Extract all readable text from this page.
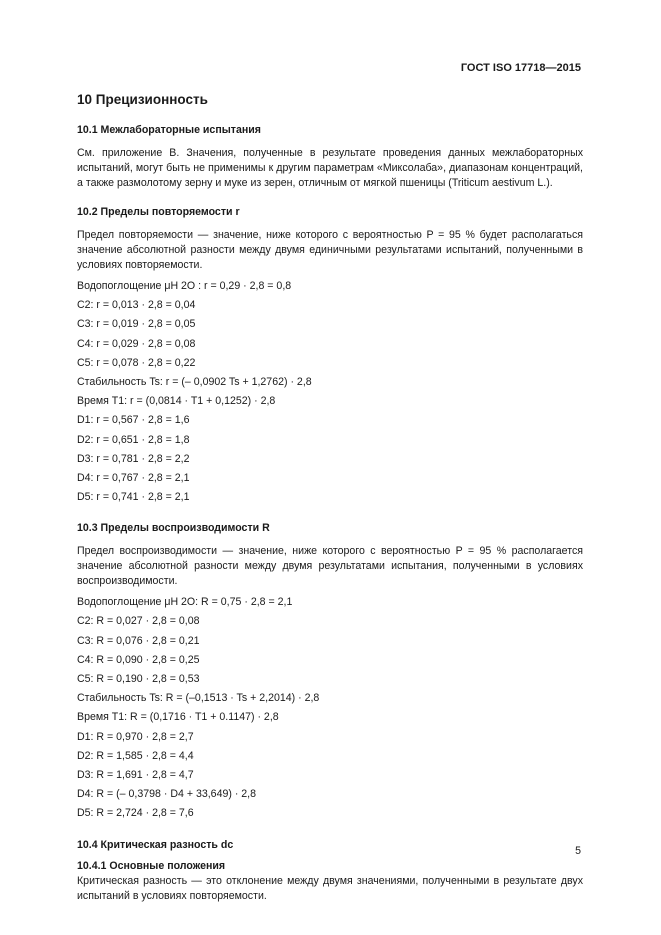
ГОСТ ISO 17718—2015
10 Прецизионность
10.1 Межлабораторные испытания

См. приложение В. Значения, полученные в результате проведения данных межлабораторных испытаний, могут быть не применимы к другим параметрам «Миксолаба», диапазонам концентраций, а также размолотому зерну и муке из зерен, отличным от мягкой пшеницы (Triticum aestivum L.).

10.2 Пределы повторяемости r

Предел повторяемости — значение, ниже которого с вероятностью P = 95 % будет располагаться значение абсолютной разности между двумя единичными результатами испытаний, полученными в условиях повторяемости.

Водопоглощение μH 2O : r = 0,29 · 2,8 = 0,8
C2: r = 0,013 · 2,8 = 0,04
C3: r = 0,019 · 2,8 = 0,05
C4: r = 0,029 · 2,8 = 0,08
C5: r = 0,078 · 2,8 = 0,22
Стабильность Ts: r = (– 0,0902 Ts + 1,2762) · 2,8
Время T1: r = (0,0814 · T1 + 0,1252) · 2,8
D1: r = 0,567 · 2,8 = 1,6
D2: r = 0,651 · 2,8 = 1,8
D3: r = 0,781 · 2,8 = 2,2
D4: r = 0,767 · 2,8 = 2,1
D5: r = 0,741 · 2,8 = 2,1
10.3 Пределы воспроизводимости R

Предел воспроизводимости — значение, ниже которого с вероятностью P = 95 % располагается значение абсолютной разности между двумя результатами испытания, полученными в условиях воспроизводимости.

Водопоглощение μH 2O: R = 0,75 · 2,8 = 2,1
C2: R = 0,027 · 2,8 = 0,08
C3: R = 0,076 · 2,8 = 0,21
C4: R = 0,090 · 2,8 = 0,25
C5: R = 0,190 · 2,8 = 0,53
Стабильность Ts: R = (–0,1513 · Ts + 2,2014) · 2,8
Время T1: R = (0,1716 · T1 + 0.1147) · 2,8
D1: R = 0,970 · 2,8 = 2,7
D2: R = 1,585 · 2,8 = 4,4
D3: R = 1,691 · 2,8 = 4,7
D4: R = (– 0,3798 · D4 + 33,649) · 2,8
D5: R = 2,724 · 2,8 = 7,6
10.4 Критическая разность dc
10.4.1 Основные положения

Критическая разность — это отклонение между двумя значениями, полученными в результате двух испытаний в условиях повторяемости.

5
